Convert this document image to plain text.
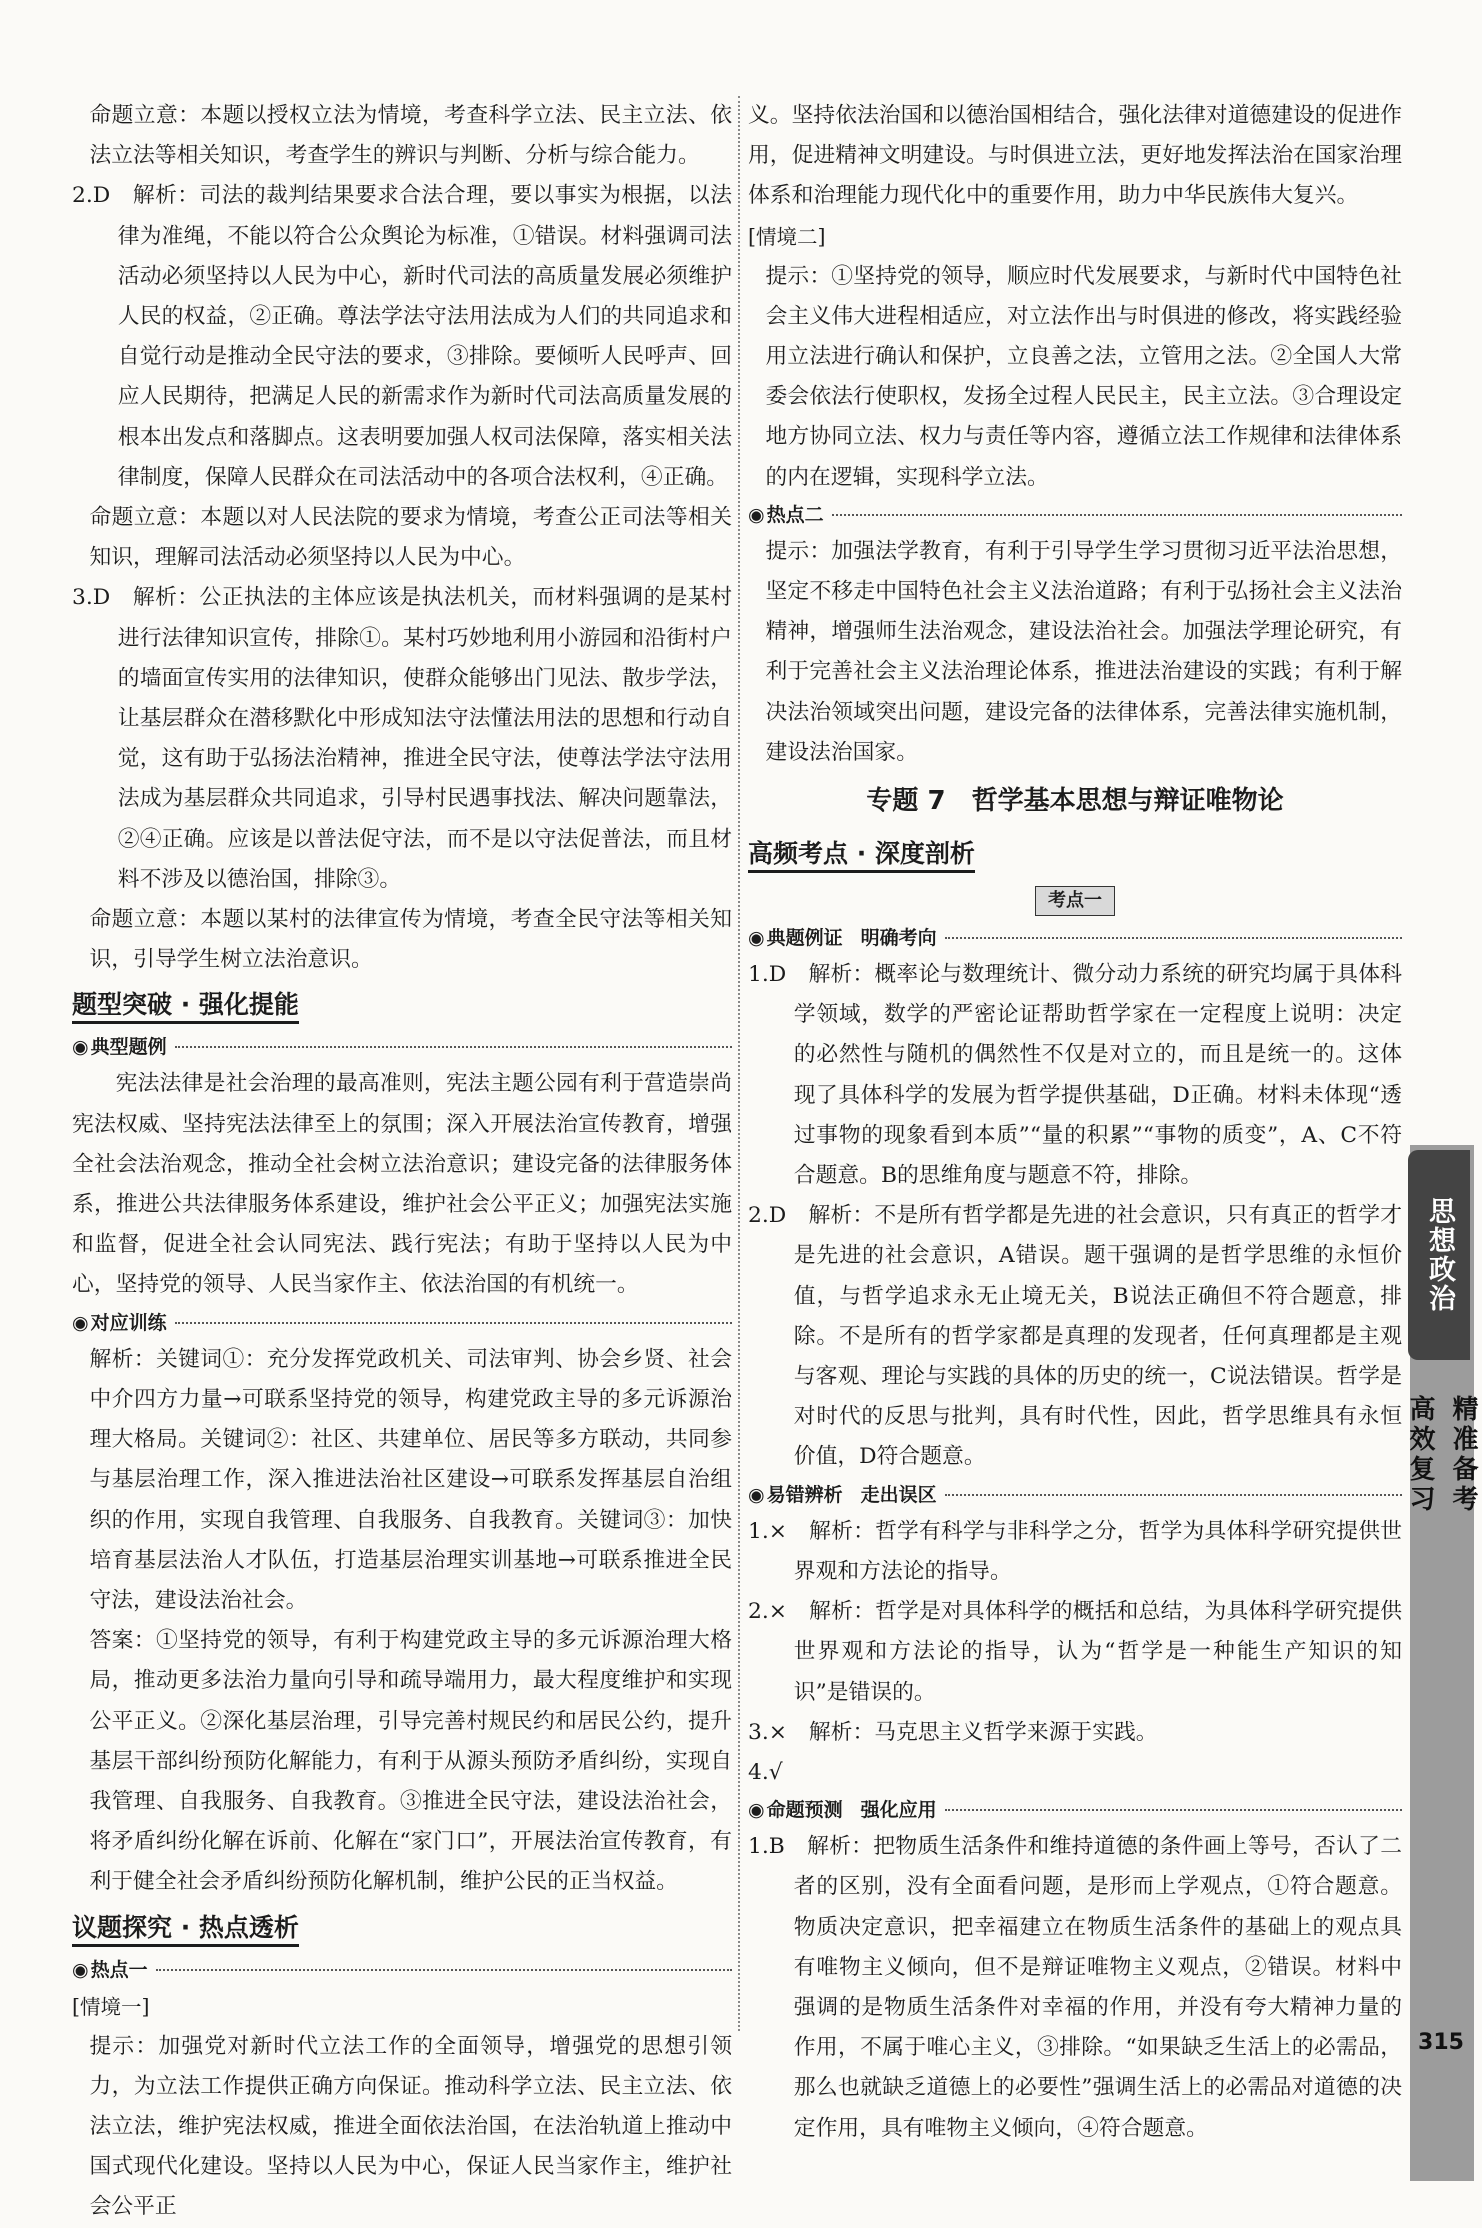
命题立意：本题以授权立法为情境，考查科学立法、民主立法、依法立法等相关知识，考查学生的辨识与判断、分析与综合能力。

2.D　解析：司法的裁判结果要求合法合理，要以事实为根据，以法律为准绳，不能以符合公众舆论为标准，①错误。材料强调司法活动必须坚持以人民为中心，新时代司法的高质量发展必须维护人民的权益，②正确。尊法学法守法用法成为人们的共同追求和自觉行动是推动全民守法的要求，③排除。要倾听人民呼声、回应人民期待，把满足人民的新需求作为新时代司法高质量发展的根本出发点和落脚点。这表明要加强人权司法保障，落实相关法律制度，保障人民群众在司法活动中的各项合法权利，④正确。

命题立意：本题以对人民法院的要求为情境，考查公正司法等相关知识，理解司法活动必须坚持以人民为中心。

3.D　解析：公正执法的主体应该是执法机关，而材料强调的是某村进行法律知识宣传，排除①。某村巧妙地利用小游园和沿街村户的墙面宣传实用的法律知识，使群众能够出门见法、散步学法，让基层群众在潜移默化中形成知法守法懂法用法的思想和行动自觉，这有助于弘扬法治精神，推进全民守法，使尊法学法守法用法成为基层群众共同追求，引导村民遇事找法、解决问题靠法，②④正确。应该是以普法促守法，而不是以守法促普法，而且材料不涉及以德治国，排除③。

命题立意：本题以某村的法律宣传为情境，考查全民守法等相关知识，引导学生树立法治意识。

题型突破 · 强化提能
◉ 典型题例

宪法法律是社会治理的最高准则，宪法主题公园有利于营造崇尚宪法权威、坚持宪法法律至上的氛围；深入开展法治宣传教育，增强全社会法治观念，推动全社会树立法治意识；建设完备的法律服务体系，推进公共法律服务体系建设，维护社会公平正义；加强宪法实施和监督，促进全社会认同宪法、践行宪法；有助于坚持以人民为中心，坚持党的领导、人民当家作主、依法治国的有机统一。

◉ 对应训练

解析：关键词①：充分发挥党政机关、司法审判、协会乡贤、社会中介四方力量→可联系坚持党的领导，构建党政主导的多元诉源治理大格局。关键词②：社区、共建单位、居民等多方联动，共同参与基层治理工作，深入推进法治社区建设→可联系发挥基层自治组织的作用，实现自我管理、自我服务、自我教育。关键词③：加快培育基层法治人才队伍，打造基层治理实训基地→可联系推进全民守法，建设法治社会。

答案：①坚持党的领导，有利于构建党政主导的多元诉源治理大格局，推动更多法治力量向引导和疏导端用力，最大程度维护和实现公平正义。②深化基层治理，引导完善村规民约和居民公约，提升基层干部纠纷预防化解能力，有利于从源头预防矛盾纠纷，实现自我管理、自我服务、自我教育。③推进全民守法，建设法治社会，将矛盾纠纷化解在诉前、化解在“家门口”，开展法治宣传教育，有利于健全社会矛盾纠纷预防化解机制，维护公民的正当权益。

议题探究 · 热点透析
◉ 热点一
[情境一]

提示：加强党对新时代立法工作的全面领导，增强党的思想引领力，为立法工作提供正确方向保证。推动科学立法、民主立法、依法立法，维护宪法权威，推进全面依法治国，在法治轨道上推动中国式现代化建设。坚持以人民为中心，保证人民当家作主，维护社会公平正

义。坚持依法治国和以德治国相结合，强化法律对道德建设的促进作用，促进精神文明建设。与时俱进立法，更好地发挥法治在国家治理体系和治理能力现代化中的重要作用，助力中华民族伟大复兴。

[情境二]

提示：①坚持党的领导，顺应时代发展要求，与新时代中国特色社会主义伟大进程相适应，对立法作出与时俱进的修改，将实践经验用立法进行确认和保护，立良善之法，立管用之法。②全国人大常委会依法行使职权，发扬全过程人民民主，民主立法。③合理设定地方协同立法、权力与责任等内容，遵循立法工作规律和法律体系的内在逻辑，实现科学立法。

◉ 热点二

提示：加强法学教育，有利于引导学生学习贯彻习近平法治思想，坚定不移走中国特色社会主义法治道路；有利于弘扬社会主义法治精神，增强师生法治观念，建设法治社会。加强法学理论研究，有利于完善社会主义法治理论体系，推进法治建设的实践；有利于解决法治领域突出问题，建设完备的法律体系，完善法律实施机制，建设法治国家。

专题 7　哲学基本思想与辩证唯物论
高频考点 · 深度剖析
考点一
◉ 典题例证 明确考向

1.D　解析：概率论与数理统计、微分动力系统的研究均属于具体科学领域，数学的严密论证帮助哲学家在一定程度上说明：决定的必然性与随机的偶然性不仅是对立的，而且是统一的。这体现了具体科学的发展为哲学提供基础，D正确。材料未体现“透过事物的现象看到本质”“量的积累”“事物的质变”，A、C不符合题意。B的思维角度与题意不符，排除。

2.D　解析：不是所有哲学都是先进的社会意识，只有真正的哲学才是先进的社会意识，A错误。题干强调的是哲学思维的永恒价值，与哲学追求永无止境无关，B说法正确但不符合题意，排除。不是所有的哲学家都是真理的发现者，任何真理都是主观与客观、理论与实践的具体的历史的统一，C说法错误。哲学是对时代的反思与批判，具有时代性，因此，哲学思维具有永恒价值，D符合题意。

◉ 易错辨析 走出误区

1.×　解析：哲学有科学与非科学之分，哲学为具体科学研究提供世界观和方法论的指导。

2.×　解析：哲学是对具体科学的概括和总结，为具体科学研究提供世界观和方法论的指导，认为“哲学是一种能生产知识的知识”是错误的。

3.×　解析：马克思主义哲学来源于实践。

4.√

◉ 命题预测 强化应用

1.B　解析：把物质生活条件和维持道德的条件画上等号，否认了二者的区别，没有全面看问题，是形而上学观点，①符合题意。物质决定意识，把幸福建立在物质生活条件的基础上的观点具有唯物主义倾向，但不是辩证唯物主义观点，②错误。材料中强调的是物质生活条件对幸福的作用，并没有夸大精神力量的作用，不属于唯心主义，③排除。“如果缺乏生活上的必需品，那么也就缺乏道德上的必要性”强调生活上的必需品对道德的决定作用，具有唯物主义倾向，④符合题意。

思想政治
精准备考
高效复习
315
